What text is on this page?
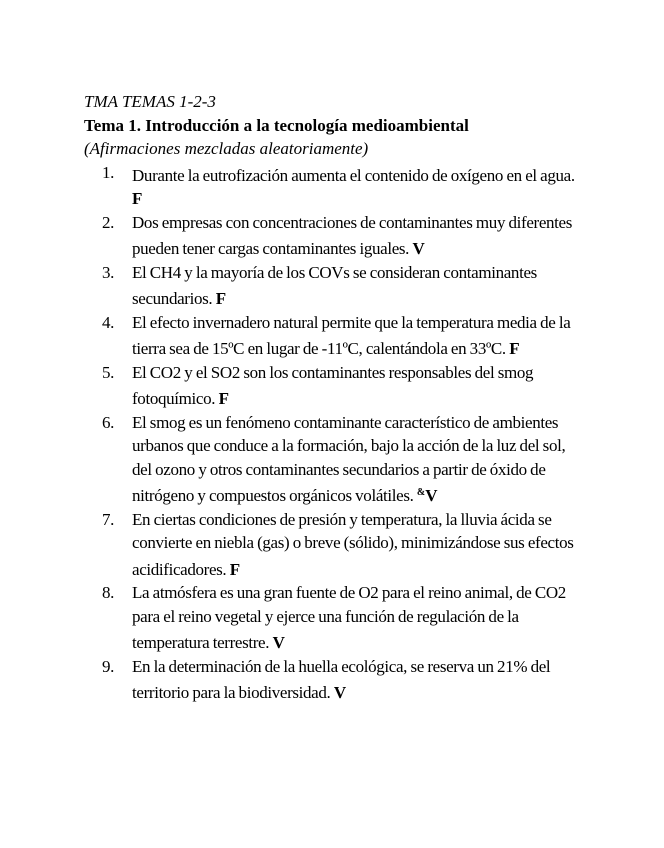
TMA TEMAS 1-2-3
Tema 1. Introducción a la tecnología medioambiental
(Afirmaciones mezcladas aleatoriamente)
1. Durante la eutrofización aumenta el contenido de oxígeno en el agua. F
2. Dos empresas con concentraciones de contaminantes muy diferentes pueden tener cargas contaminantes iguales. V
3. El CH4 y la mayoría de los COVs se consideran contaminantes secundarios. F
4. El efecto invernadero natural permite que la temperatura media de la tierra sea de 15ºC en lugar de -11ºC, calentándola en 33ºC. F
5. El CO2 y el SO2 son los contaminantes responsables del smog fotoquímico. F
6. El smog es un fenómeno contaminante característico de ambientes urbanos que conduce a la formación, bajo la acción de la luz del sol, del ozono y otros contaminantes secundarios a partir de óxido de nitrógeno y compuestos orgánicos volátiles. &V
7. En ciertas condiciones de presión y temperatura, la lluvia ácida se convierte en niebla (gas) o breve (sólido), minimizándose sus efectos acidificadores. F
8. La atmósfera es una gran fuente de O2 para el reino animal, de CO2 para el reino vegetal y ejerce una función de regulación de la temperatura terrestre. V
9. En la determinación de la huella ecológica, se reserva un 21% del territorio para la biodiversidad. V
